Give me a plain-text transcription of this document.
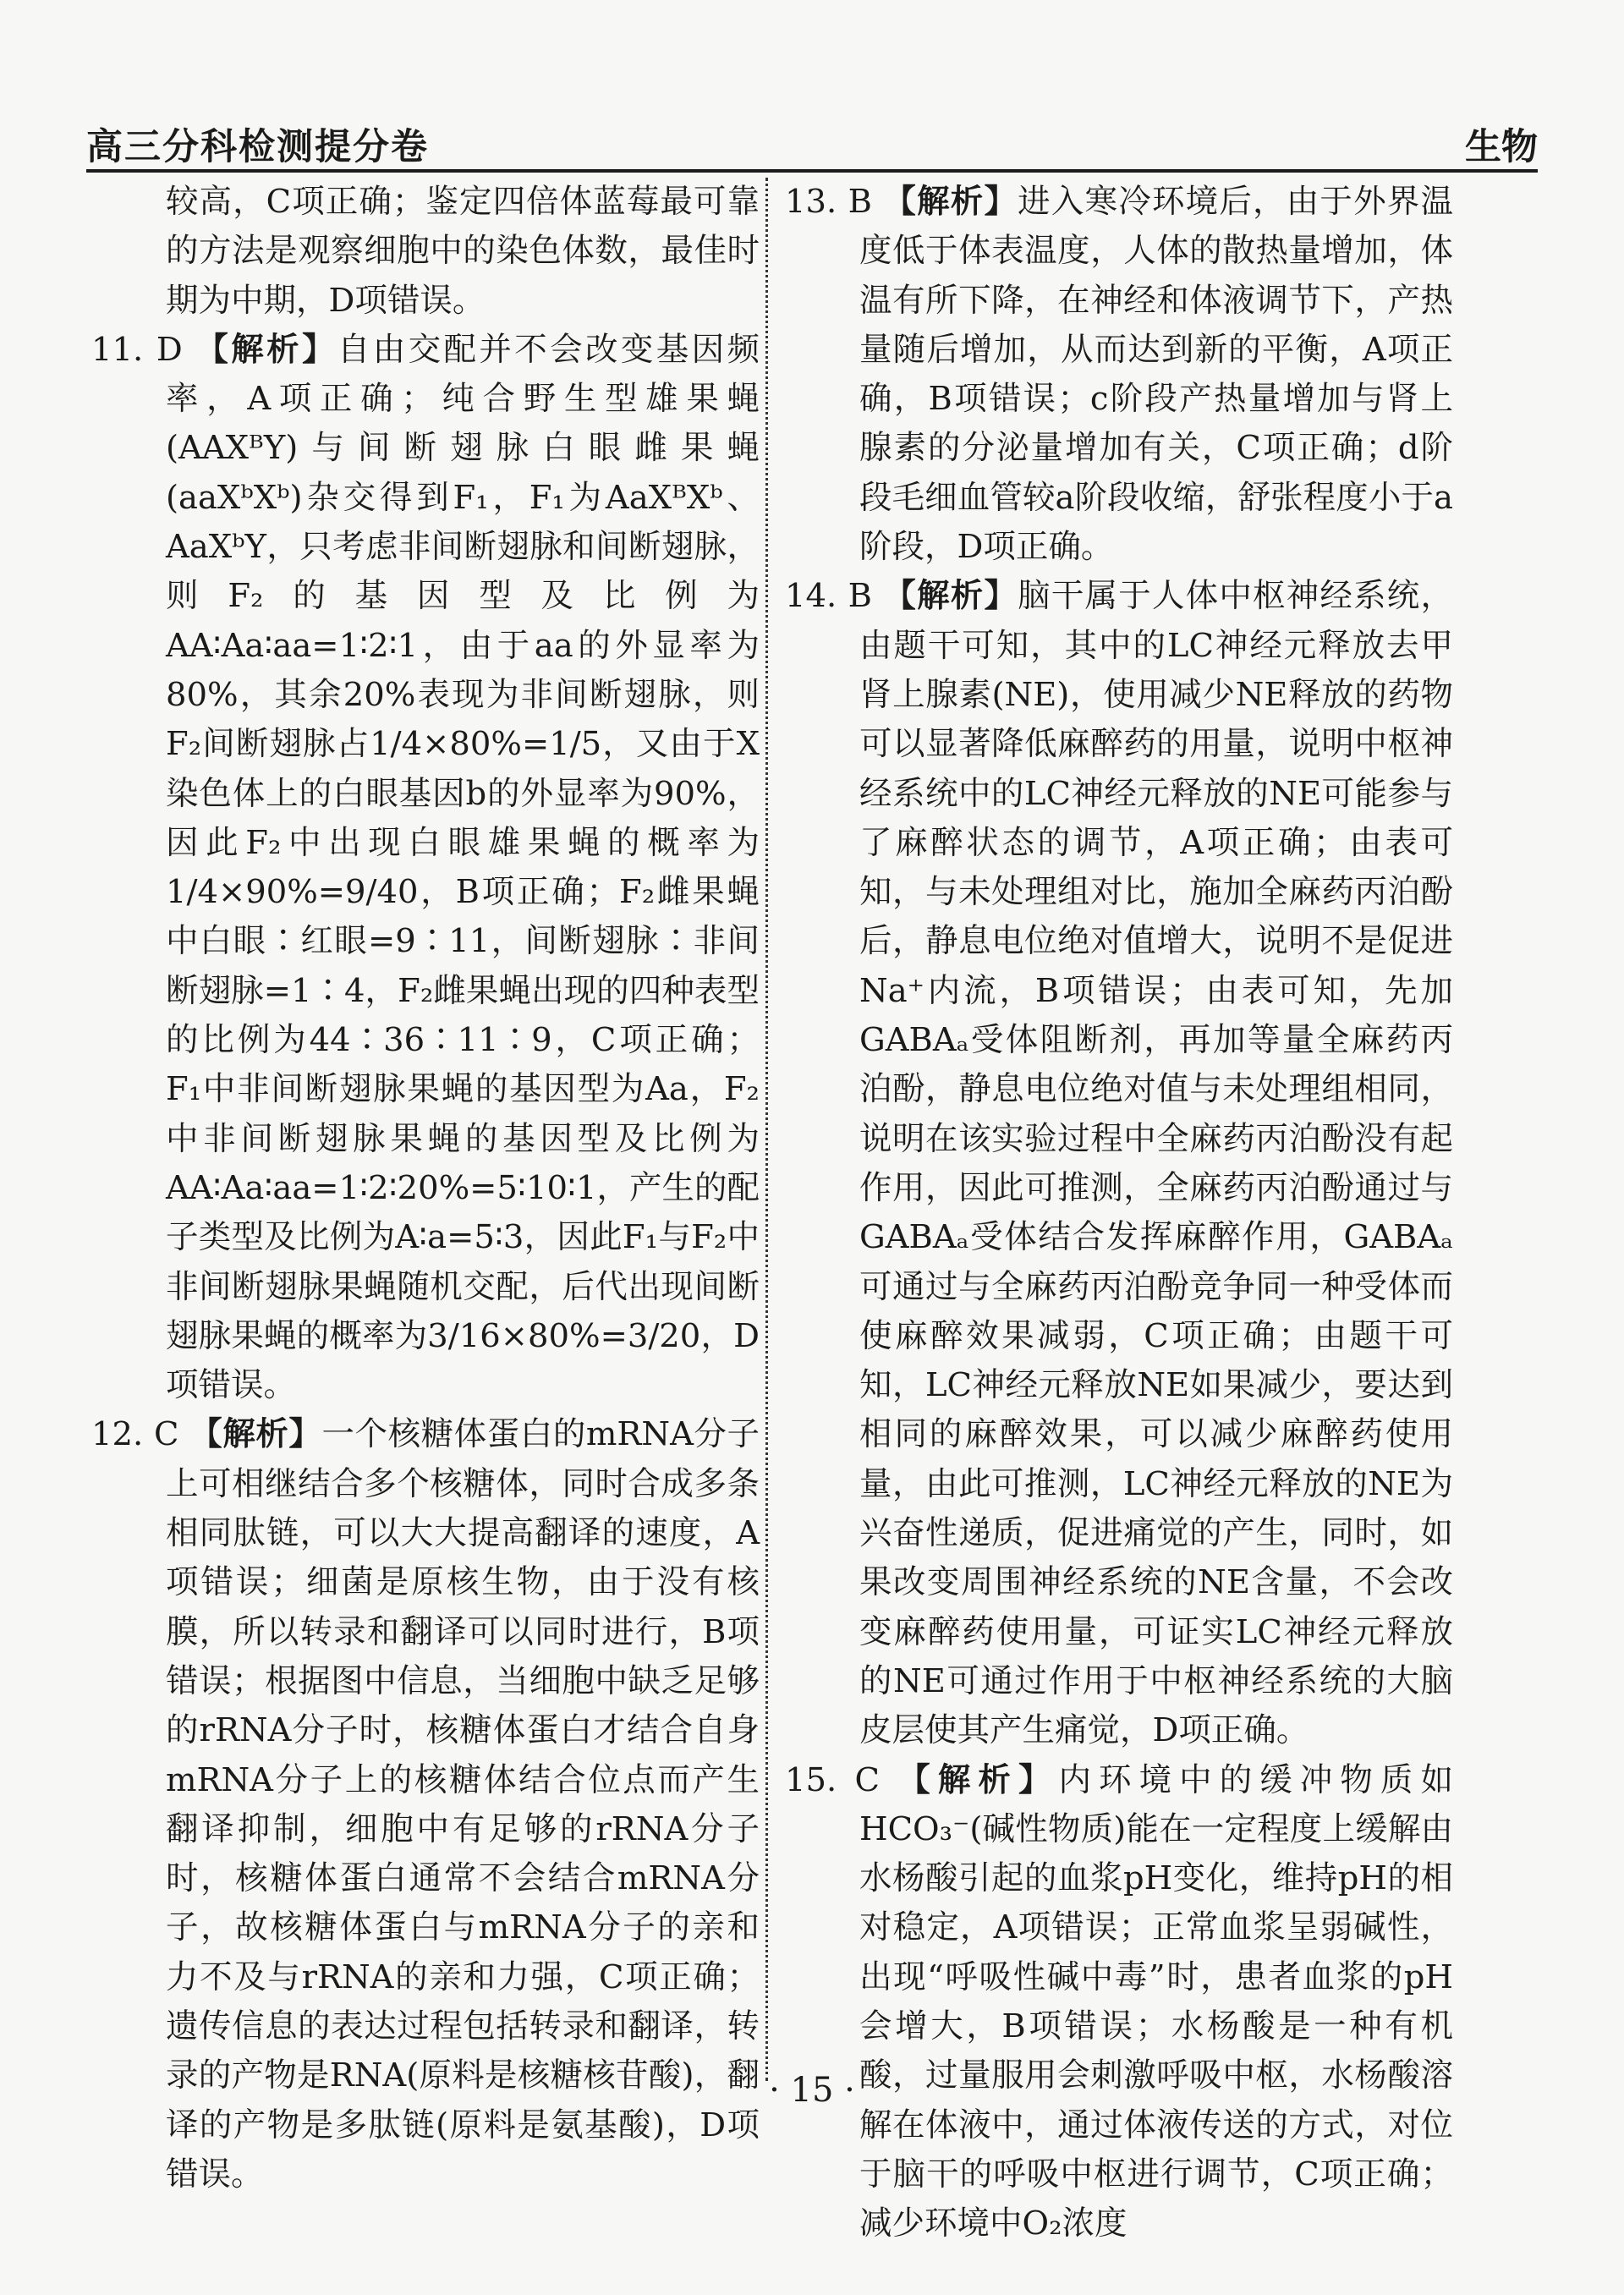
高三分科检测提分卷	生物

较高，C项正确；鉴定四倍体蓝莓最可靠的方法是观察细胞中的染色体数，最佳时期为中期，D项错误。

11. D 【解析】自由交配并不会改变基因频率，A项正确；纯合野生型雄果蝇(AAXᴮY)与间断翅脉白眼雌果蝇(aaXᵇXᵇ)杂交得到F₁，F₁为AaXᴮXᵇ、AaXᵇY，只考虑非间断翅脉和间断翅脉，则F₂的基因型及比例为AA∶Aa∶aa=1∶2∶1，由于aa的外显率为80%，其余20%表现为非间断翅脉，则F₂间断翅脉占1/4×80%=1/5，又由于X染色体上的白眼基因b的外显率为90%，因此F₂中出现白眼雄果蝇的概率为1/4×90%=9/40，B项正确；F₂雌果蝇中白眼∶红眼=9∶11，间断翅脉∶非间断翅脉=1∶4，F₂雌果蝇出现的四种表型的比例为44∶36∶11∶9，C项正确；F₁中非间断翅脉果蝇的基因型为Aa，F₂中非间断翅脉果蝇的基因型及比例为AA∶Aa∶aa=1∶2∶20%=5∶10∶1，产生的配子类型及比例为A∶a=5∶3，因此F₁与F₂中非间断翅脉果蝇随机交配，后代出现间断翅脉果蝇的概率为3/16×80%=3/20，D项错误。

12. C 【解析】一个核糖体蛋白的mRNA分子上可相继结合多个核糖体，同时合成多条相同肽链，可以大大提高翻译的速度，A项错误；细菌是原核生物，由于没有核膜，所以转录和翻译可以同时进行，B项错误；根据图中信息，当细胞中缺乏足够的rRNA分子时，核糖体蛋白才结合自身mRNA分子上的核糖体结合位点而产生翻译抑制，细胞中有足够的rRNA分子时，核糖体蛋白通常不会结合mRNA分子，故核糖体蛋白与mRNA分子的亲和力不及与rRNA的亲和力强，C项正确；遗传信息的表达过程包括转录和翻译，转录的产物是RNA(原料是核糖核苷酸)，翻译的产物是多肽链(原料是氨基酸)，D项错误。

13. B 【解析】进入寒冷环境后，由于外界温度低于体表温度，人体的散热量增加，体温有所下降，在神经和体液调节下，产热量随后增加，从而达到新的平衡，A项正确，B项错误；c阶段产热量增加与肾上腺素的分泌量增加有关，C项正确；d阶段毛细血管较a阶段收缩，舒张程度小于a阶段，D项正确。

14. B 【解析】脑干属于人体中枢神经系统，由题干可知，其中的LC神经元释放去甲肾上腺素(NE)，使用减少NE释放的药物可以显著降低麻醉药的用量，说明中枢神经系统中的LC神经元释放的NE可能参与了麻醉状态的调节，A项正确；由表可知，与未处理组对比，施加全麻药丙泊酚后，静息电位绝对值增大，说明不是促进Na⁺内流，B项错误；由表可知，先加GABAₐ受体阻断剂，再加等量全麻药丙泊酚，静息电位绝对值与未处理组相同，说明在该实验过程中全麻药丙泊酚没有起作用，因此可推测，全麻药丙泊酚通过与GABAₐ受体结合发挥麻醉作用，GABAₐ可通过与全麻药丙泊酚竞争同一种受体而使麻醉效果减弱，C项正确；由题干可知，LC神经元释放NE如果减少，要达到相同的麻醉效果，可以减少麻醉药使用量，由此可推测，LC神经元释放的NE为兴奋性递质，促进痛觉的产生，同时，如果改变周围神经系统的NE含量，不会改变麻醉药使用量，可证实LC神经元释放的NE可通过作用于中枢神经系统的大脑皮层使其产生痛觉，D项正确。

15. C 【解析】内环境中的缓冲物质如HCO₃⁻(碱性物质)能在一定程度上缓解由水杨酸引起的血浆pH变化，维持pH的相对稳定，A项错误；正常血浆呈弱碱性，出现“呼吸性碱中毒”时，患者血浆的pH会增大，B项错误；水杨酸是一种有机酸，过量服用会刺激呼吸中枢，水杨酸溶解在体液中，通过体液传送的方式，对位于脑干的呼吸中枢进行调节，C项正确；减少环境中O₂浓度

· 15 ·
